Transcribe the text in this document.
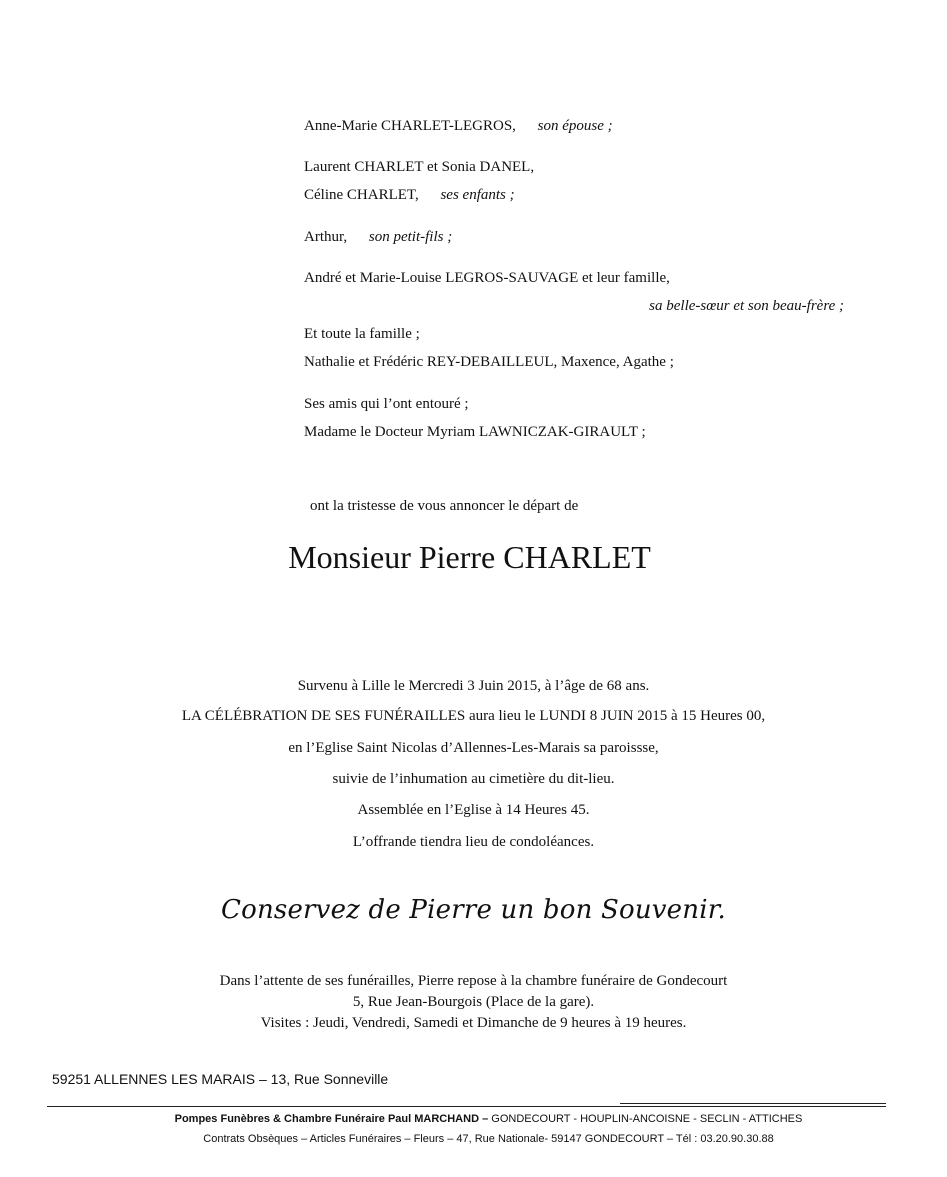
Anne-Marie CHARLET-LEGROS, son épouse ;
Laurent CHARLET et Sonia DANEL,
Céline CHARLET, ses enfants ;
Arthur, son petit-fils ;
André et Marie-Louise LEGROS-SAUVAGE et leur famille,
sa belle-sœur et son beau-frère ;
Et toute la famille ;
Nathalie et Frédéric REY-DEBAILLEUL, Maxence, Agathe ;
Ses amis qui l’ont entouré ;
Madame le Docteur Myriam LAWNICZAK-GIRAULT ;
ont la tristesse de vous annoncer le départ de
Monsieur Pierre CHARLET
Survenu à Lille le Mercredi 3 Juin 2015, à l’âge de 68 ans.
LA CÉLÉBRATION DE SES FUNÉRAILLES aura lieu le LUNDI 8 JUIN 2015 à 15 Heures 00,
en l’Eglise Saint Nicolas d’Allennes-Les-Marais sa paroissse,
suivie de l’inhumation au cimetière du dit-lieu.
Assemblée en l’Eglise à 14 Heures 45.
L’offrande tiendra lieu de condoléances.
Conservez de Pierre un bon Souvenir.
Dans l’attente de ses funérailles, Pierre repose à la chambre funéraire de Gondecourt
5, Rue Jean-Bourgois (Place de la gare).
Visites : Jeudi, Vendredi, Samedi et Dimanche de 9 heures à 19 heures.
59251 ALLENNES LES MARAIS – 13, Rue Sonneville
Pompes Funèbres & Chambre Funéraire Paul MARCHAND – GONDECOURT - HOUPLIN-ANCOISNE - SECLIN - ATTICHES
Contrats Obsèques – Articles Funéraires – Fleurs – 47, Rue Nationale- 59147 GONDECOURT – Tél : 03.20.90.30.88
